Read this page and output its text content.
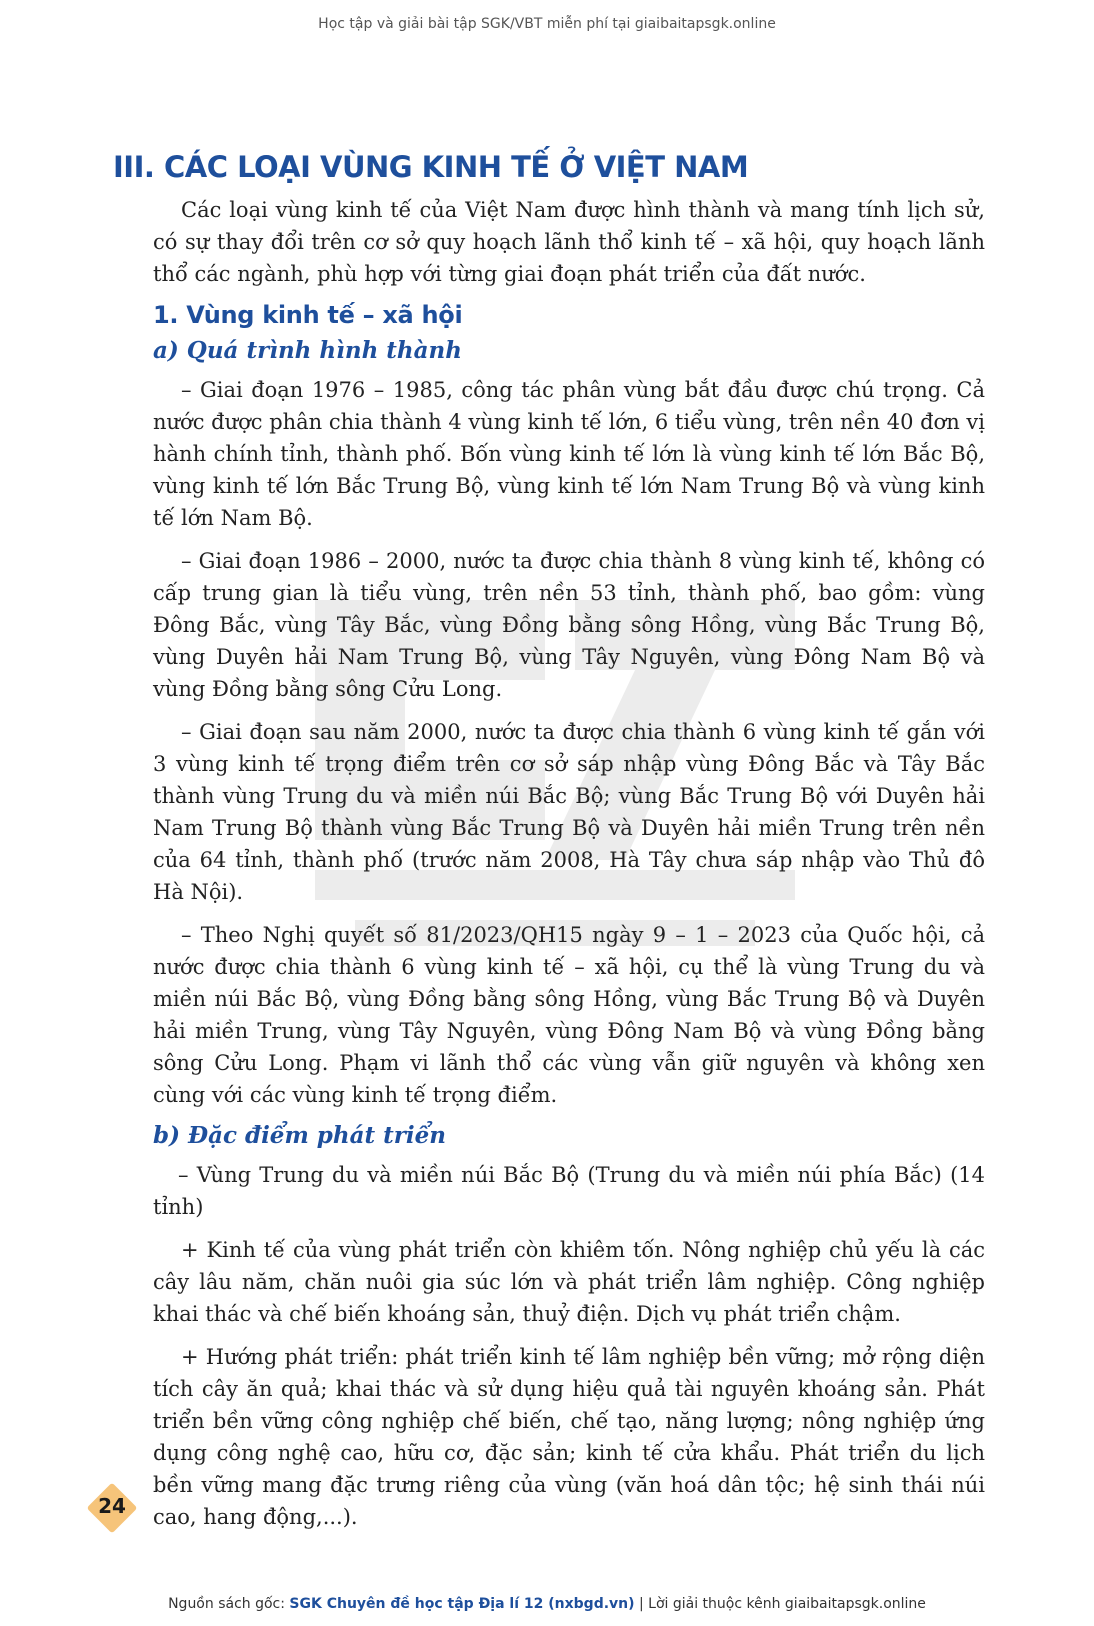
Học tập và giải bài tập SGK/VBT miễn phí tại giaibaitapsgk.online
III. CÁC LOẠI VÙNG KINH TẾ Ở VIỆT NAM

Các loại vùng kinh tế của Việt Nam được hình thành và mang tính lịch sử, có sự thay đổi trên cơ sở quy hoạch lãnh thổ kinh tế – xã hội, quy hoạch lãnh thổ các ngành, phù hợp với từng giai đoạn phát triển của đất nước.

1. Vùng kinh tế – xã hội
a) Quá trình hình thành

– Giai đoạn 1976 – 1985, công tác phân vùng bắt đầu được chú trọng. Cả nước được phân chia thành 4 vùng kinh tế lớn, 6 tiểu vùng, trên nền 40 đơn vị hành chính tỉnh, thành phố. Bốn vùng kinh tế lớn là vùng kinh tế lớn Bắc Bộ, vùng kinh tế lớn Bắc Trung Bộ, vùng kinh tế lớn Nam Trung Bộ và vùng kinh tế lớn Nam Bộ.

– Giai đoạn 1986 – 2000, nước ta được chia thành 8 vùng kinh tế, không có cấp trung gian là tiểu vùng, trên nền 53 tỉnh, thành phố, bao gồm: vùng Đông Bắc, vùng Tây Bắc, vùng Đồng bằng sông Hồng, vùng Bắc Trung Bộ, vùng Duyên hải Nam Trung Bộ, vùng Tây Nguyên, vùng Đông Nam Bộ và vùng Đồng bằng sông Cửu Long.

– Giai đoạn sau năm 2000, nước ta được chia thành 6 vùng kinh tế gắn với 3 vùng kinh tế trọng điểm trên cơ sở sáp nhập vùng Đông Bắc và Tây Bắc thành vùng Trung du và miền núi Bắc Bộ; vùng Bắc Trung Bộ với Duyên hải Nam Trung Bộ thành vùng Bắc Trung Bộ và Duyên hải miền Trung trên nền của 64 tỉnh, thành phố (trước năm 2008, Hà Tây chưa sáp nhập vào Thủ đô Hà Nội).

– Theo Nghị quyết số 81/2023/QH15 ngày 9 – 1 – 2023 của Quốc hội, cả nước được chia thành 6 vùng kinh tế – xã hội, cụ thể là vùng Trung du và miền núi Bắc Bộ, vùng Đồng bằng sông Hồng, vùng Bắc Trung Bộ và Duyên hải miền Trung, vùng Tây Nguyên, vùng Đông Nam Bộ và vùng Đồng bằng sông Cửu Long. Phạm vi lãnh thổ các vùng vẫn giữ nguyên và không xen cùng với các vùng kinh tế trọng điểm.

b) Đặc điểm phát triển

– Vùng Trung du và miền núi Bắc Bộ (Trung du và miền núi phía Bắc) (14 tỉnh)

+ Kinh tế của vùng phát triển còn khiêm tốn. Nông nghiệp chủ yếu là các cây lâu năm, chăn nuôi gia súc lớn và phát triển lâm nghiệp. Công nghiệp khai thác và chế biến khoáng sản, thuỷ điện. Dịch vụ phát triển chậm.

+ Hướng phát triển: phát triển kinh tế lâm nghiệp bền vững; mở rộng diện tích cây ăn quả; khai thác và sử dụng hiệu quả tài nguyên khoáng sản. Phát triển bền vững công nghiệp chế biến, chế tạo, năng lượng; nông nghiệp ứng dụng công nghệ cao, hữu cơ, đặc sản; kinh tế cửa khẩu. Phát triển du lịch bền vững mang đặc trưng riêng của vùng (văn hoá dân tộc; hệ sinh thái núi cao, hang động,...).

24
Nguồn sách gốc: SGK Chuyên đề học tập Địa lí 12 (nxbgd.vn) | Lời giải thuộc kênh giaibaitapsgk.online
